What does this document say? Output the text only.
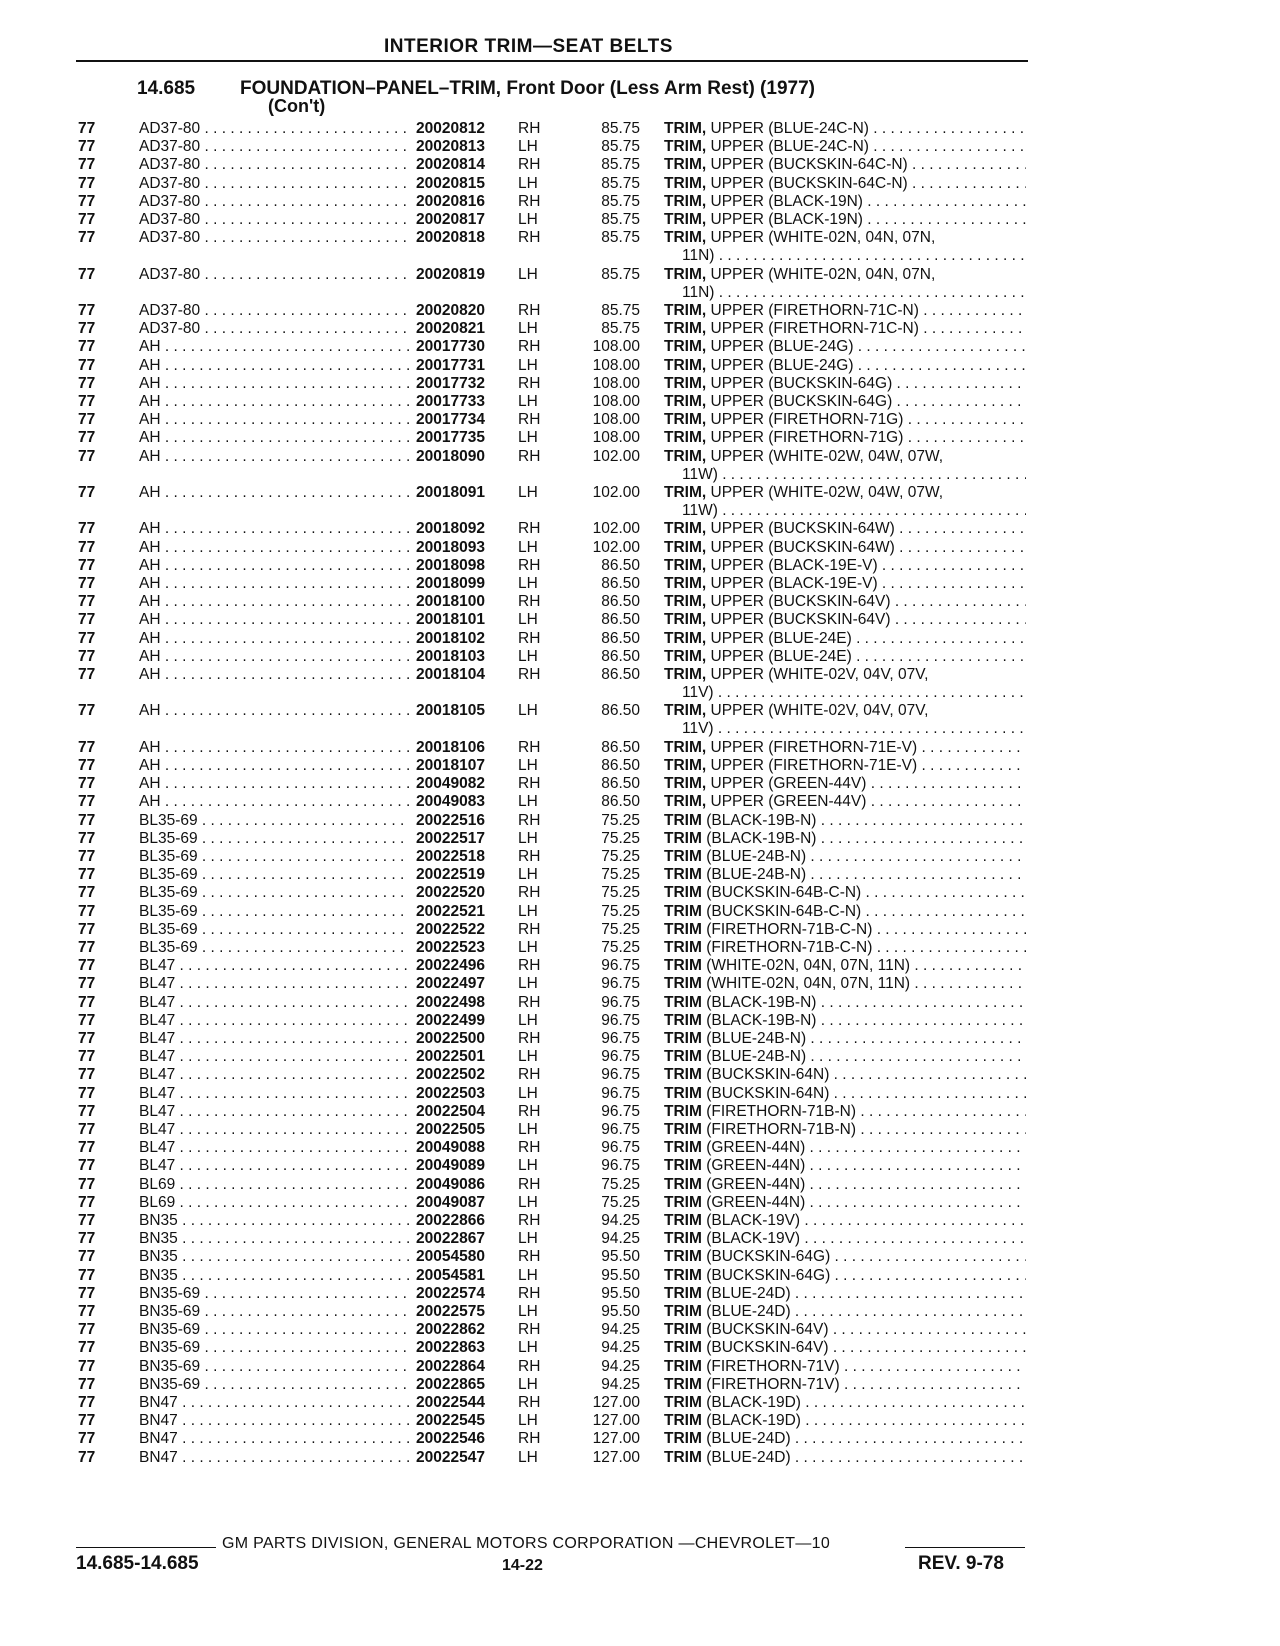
INTERIOR TRIM—SEAT BELTS
14.685 FOUNDATION–PANEL–TRIM, Front Door (Less Arm Rest) (1977)
(Con't)
77	AD37-80 . . .	20020812 RH	85.75 TRIM, UPPER (BLUE-24C-N) . . .
77	AD37-80 . . .	20020813 LH	85.75 TRIM, UPPER (BLUE-24C-N) . . .
77	AD37-80 . . .	20020814 RH	85.75 TRIM, UPPER (BUCKSKIN-64C-N) . . .
77	AD37-80 . . .	20020815 LH	85.75 TRIM, UPPER (BUCKSKIN-64C-N) . . .
77	AD37-80 . . .	20020816 RH	85.75 TRIM, UPPER (BLACK-19N) . . .
77	AD37-80 . . .	20020817 LH	85.75 TRIM, UPPER (BLACK-19N) . . .
77	AD37-80 . . .	20020818 RH	85.75 TRIM, UPPER (WHITE-02N, 04N, 07N,
11N) . . .
77	AD37-80 . . .	20020819 LH	85.75 TRIM, UPPER (WHITE-02N, 04N, 07N,
11N) . . .
77	AD37-80 . . .	20020820 RH	85.75 TRIM, UPPER (FIRETHORN-71C-N) . . .
77	AD37-80 . . .	20020821 LH	85.75 TRIM, UPPER (FIRETHORN-71C-N) . . .
77	AH . . .	20017730 RH	108.00 TRIM, UPPER (BLUE-24G) . . .
77	AH . . .	20017731 LH	108.00 TRIM, UPPER (BLUE-24G) . . .
77	AH . . .	20017732 RH	108.00 TRIM, UPPER (BUCKSKIN-64G) . . .
77	AH . . .	20017733 LH	108.00 TRIM, UPPER (BUCKSKIN-64G) . . .
77	AH . . .	20017734 RH	108.00 TRIM, UPPER (FIRETHORN-71G) . . .
77	AH . . .	20017735 LH	108.00 TRIM, UPPER (FIRETHORN-71G) . . .
77	AH . . .	20018090 RH	102.00 TRIM, UPPER (WHITE-02W, 04W, 07W,
11W) . . .
77	AH . . .	20018091 LH	102.00 TRIM, UPPER (WHITE-02W, 04W, 07W,
11W) . . .
77	AH . . .	20018092 RH	102.00 TRIM, UPPER (BUCKSKIN-64W) . . .
77	AH . . .	20018093 LH	102.00 TRIM, UPPER (BUCKSKIN-64W) . . .
77	AH . . .	20018098 RH	86.50 TRIM, UPPER (BLACK-19E-V) . . .
77	AH . . .	20018099 LH	86.50 TRIM, UPPER (BLACK-19E-V) . . .
77	AH . . .	20018100 RH	86.50 TRIM, UPPER (BUCKSKIN-64V) . . .
77	AH . . .	20018101 LH	86.50 TRIM, UPPER (BUCKSKIN-64V) . . .
77	AH . . .	20018102 RH	86.50 TRIM, UPPER (BLUE-24E) . . .
77	AH . . .	20018103 LH	86.50 TRIM, UPPER (BLUE-24E) . . .
77	AH . . .	20018104 RH	86.50 TRIM, UPPER (WHITE-02V, 04V, 07V,
11V) . . .
77	AH . . .	20018105 LH	86.50 TRIM, UPPER (WHITE-02V, 04V, 07V,
11V) . . .
77	AH . . .	20018106 RH	86.50 TRIM, UPPER (FIRETHORN-71E-V) . . .
77	AH . . .	20018107 LH	86.50 TRIM, UPPER (FIRETHORN-71E-V) . . .
77	AH . . .	20049082 RH	86.50 TRIM, UPPER (GREEN-44V) . . .
77	AH . . .	20049083 LH	86.50 TRIM, UPPER (GREEN-44V) . . .
77	BL35-69 . . .	20022516 RH	75.25 TRIM (BLACK-19B-N) . . .
77	BL35-69 . . .	20022517 LH	75.25 TRIM (BLACK-19B-N) . . .
77	BL35-69 . . .	20022518 RH	75.25 TRIM (BLUE-24B-N) . . .
77	BL35-69 . . .	20022519 LH	75.25 TRIM (BLUE-24B-N) . . .
77	BL35-69 . . .	20022520 RH	75.25 TRIM (BUCKSKIN-64B-C-N) . . .
77	BL35-69 . . .	20022521 LH	75.25 TRIM (BUCKSKIN-64B-C-N) . . .
77	BL35-69 . . .	20022522 RH	75.25 TRIM (FIRETHORN-71B-C-N) . . .
77	BL35-69 . . .	20022523 LH	75.25 TRIM (FIRETHORN-71B-C-N) . . .
77	BL47 . . .	20022496 RH	96.75 TRIM (WHITE-02N, 04N, 07N, 11N) . . .
77	BL47 . . .	20022497 LH	96.75 TRIM (WHITE-02N, 04N, 07N, 11N) . . .
77	BL47 . . .	20022498 RH	96.75 TRIM (BLACK-19B-N) . . .
77	BL47 . . .	20022499 LH	96.75 TRIM (BLACK-19B-N) . . .
77	BL47 . . .	20022500 RH	96.75 TRIM (BLUE-24B-N) . . .
77	BL47 . . .	20022501 LH	96.75 TRIM (BLUE-24B-N) . . .
77	BL47 . . .	20022502 RH	96.75 TRIM (BUCKSKIN-64N) . . .
77	BL47 . . .	20022503 LH	96.75 TRIM (BUCKSKIN-64N) . . .
77	BL47 . . .	20022504 RH	96.75 TRIM (FIRETHORN-71B-N) . . .
77	BL47 . . .	20022505 LH	96.75 TRIM (FIRETHORN-71B-N) . . .
77	BL47 . . .	20049088 RH	96.75 TRIM (GREEN-44N) . . .
77	BL47 . . .	20049089 LH	96.75 TRIM (GREEN-44N) . . .
77	BL69 . . .	20049086 RH	75.25 TRIM (GREEN-44N) . . .
77	BL69 . . .	20049087 LH	75.25 TRIM (GREEN-44N) . . .
77	BN35 . . .	20022866 RH	94.25 TRIM (BLACK-19V) . . .
77	BN35 . . .	20022867 LH	94.25 TRIM (BLACK-19V) . . .
77	BN35 . . .	20054580 RH	95.50 TRIM (BUCKSKIN-64G) . . .
77	BN35 . . .	20054581 LH	95.50 TRIM (BUCKSKIN-64G) . . .
77	BN35-69 . . .	20022574 RH	95.50 TRIM (BLUE-24D) . . .
77	BN35-69 . . .	20022575 LH	95.50 TRIM (BLUE-24D) . . .
77	BN35-69 . . .	20022862 RH	94.25 TRIM (BUCKSKIN-64V) . . .
77	BN35-69 . . .	20022863 LH	94.25 TRIM (BUCKSKIN-64V) . . .
77	BN35-69 . . .	20022864 RH	94.25 TRIM (FIRETHORN-71V) . . .
77	BN35-69 . . .	20022865 LH	94.25 TRIM (FIRETHORN-71V) . . .
77	BN47 . . .	20022544 RH	127.00 TRIM (BLACK-19D) . . .
77	BN47 . . .	20022545 LH	127.00 TRIM (BLACK-19D) . . .
77	BN47 . . .	20022546 RH	127.00 TRIM (BLUE-24D) . . .
77	BN47 . . .	20022547 LH	127.00 TRIM (BLUE-24D) . . .
GM PARTS DIVISION, GENERAL MOTORS CORPORATION —CHEVROLET—10
14.685-14.685	14-22	REV. 9-78
